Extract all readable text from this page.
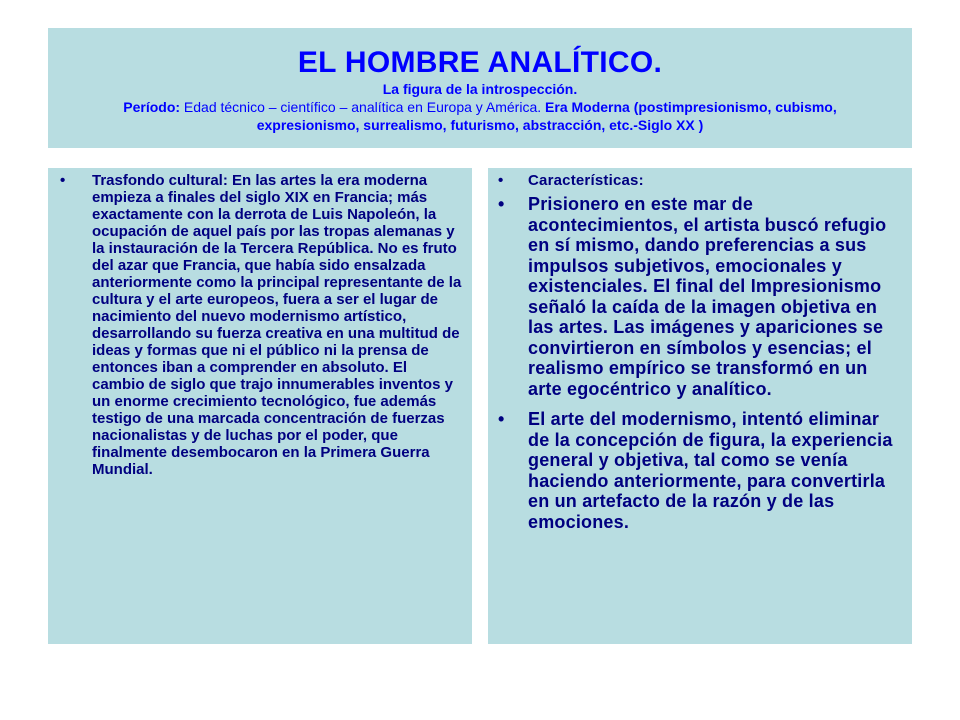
EL HOMBRE ANALÍTICO.
La figura de la introspección.
Período: Edad técnico – científico – analítica en Europa y América. Era Moderna (postimpresionismo, cubismo,
expresionismo, surrealismo, futurismo, abstracción, etc.-Siglo XX )
• Trasfondo cultural: En las artes la era moderna empieza a finales del siglo XIX en Francia; más exactamente con la derrota de Luis Napoleón, la ocupación de aquel país por las tropas alemanas y la instauración de la Tercera República. No es fruto del azar que Francia, que había sido ensalzada anteriormente como la principal representante de la cultura y el arte europeos, fuera a ser el lugar de nacimiento del nuevo modernismo artístico, desarrollando su fuerza creativa en una multitud de ideas y formas que ni el público ni la prensa de entonces iban a comprender en absoluto. El cambio de siglo que trajo innumerables inventos y un enorme crecimiento tecnológico, fue además testigo de una marcada concentración de fuerzas nacionalistas y de luchas por el poder, que finalmente desembocaron en la Primera Guerra Mundial.
• Características:
• Prisionero en este mar de acontecimientos, el artista buscó refugio en sí mismo, dando preferencias a sus impulsos subjetivos, emocionales y existenciales. El final del Impresionismo señaló la caída de la imagen objetiva en las artes. Las imágenes y apariciones se convirtieron en símbolos y esencias; el realismo empírico se transformó en un arte egocéntrico y analítico.
• El arte del modernismo, intentó eliminar de la concepción de figura, la experiencia general y objetiva, tal como se venía haciendo anteriormente, para convertirla en un artefacto de la razón y de las emociones.
